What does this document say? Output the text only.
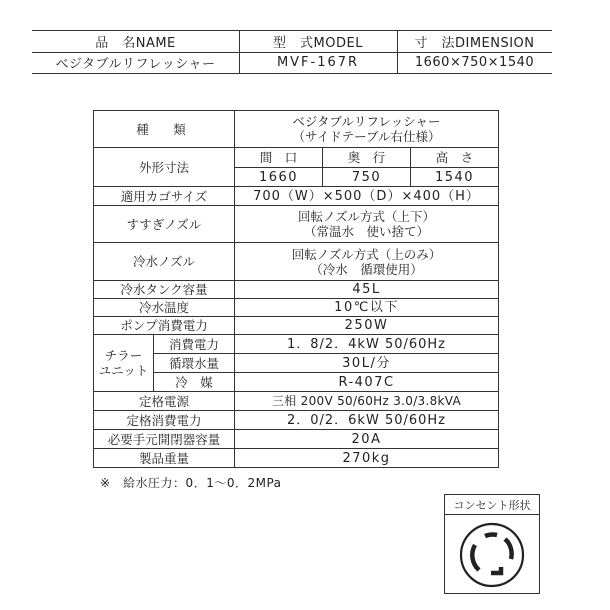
品　名NAME	型　式MODEL	寸　法DIMENSION
ベジタブルリフレッシャー	MVF-167R	1660×750×1540
種　類	ベジタブルリフレッシャー
（サイドテーブル右仕様）
外形寸法
間　口	奥　行	高　さ
1660	750	1540
適用カゴサイズ	700（W）×500（D）×400（H）
すすぎノズル	回転ノズル方式（上下）
（常温水　使い捨て）
冷水ノズル	回転ノズル方式（上のみ）
（冷水　循環使用）
冷水タンク容量	45L
冷水温度	10℃以下
ポンプ消費電力	250W
チラー
ユニット
消費電力	1．8/2．4kW 50/60Hz
循環水量	30L/分
冷　媒	R-407C
定格電源	三相 200V 50/60Hz 3.0/3.8kVA
定格消費電力	2．0/2．6kW 50/60Hz
必要手元開閉器容量	20A
製品重量	270kg
※　給水圧力：0．1～0．2MPa
コンセント形状
